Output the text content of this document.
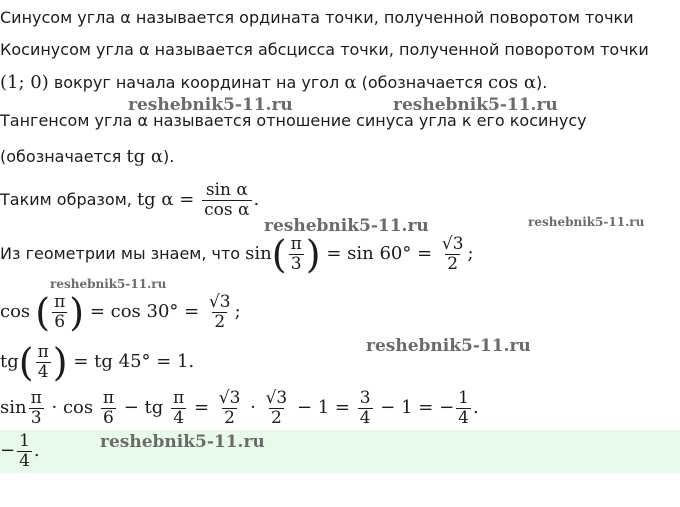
Синусом угла α называется ордината точки, полученной поворотом точки
Косинусом угла α называется абсцисса точки, полученной поворотом точки
(1; 0) вокруг начала координат на угол α (обозначается cos α).
Тангенсом угла α называется отношение синуса угла к его косинусу
(обозначается tg α).
Таким образом, tg $\alpha = \frac{\text{sin α}}{\text{cos α}}$ .
Из геометрии мы знаем, что $\sin( \frac{\pi}{3}$ ) = $\sin 60^\circ = \frac{√3}{2}$ ;
cos ( $\frac{\pi}{6}$ ) = $\cos 30^\circ = \frac{√3}{2}$ ;
$tg( \frac{\pi}{4}$ ) = tg 45° = 1.
$\sin \frac{\pi}{3} \cdot \cos \frac{\pi}{6}$ − tg $\frac{\pi}{4} = \frac{√3}{2} \cdot \frac{√3}{2} - 1 = \frac{3}{4} - 1$ = − $\frac{1}{4}$ .
− $\frac{1}{4}$ .
reshebnik5-11.ru	reshebnik5-11.ru
reshebnik5-11.ru	reshebnik5-11.ru
reshebnik5-11.ru
reshebnik5-11.ru
reshebnik5-11.ru
